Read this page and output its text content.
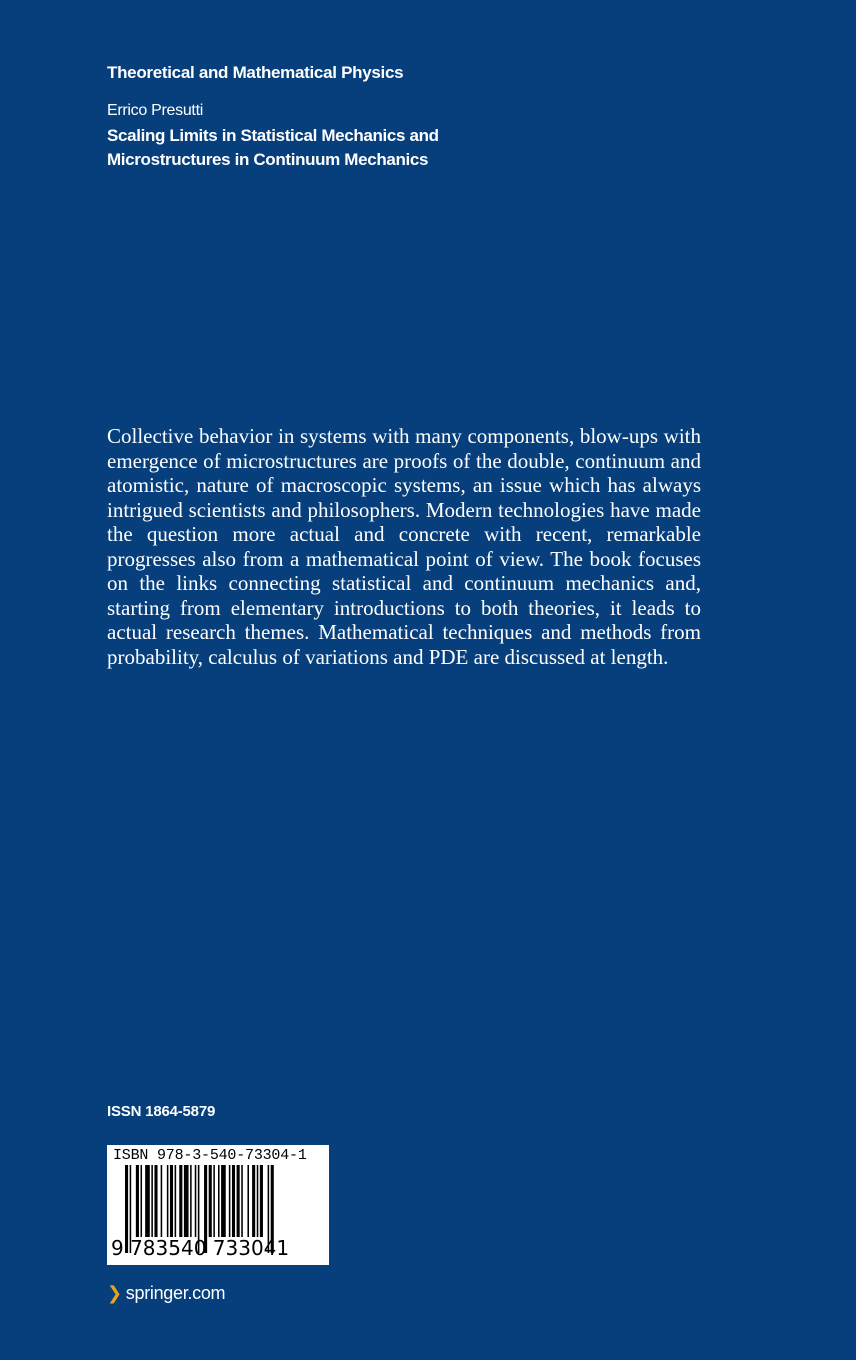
Theoretical and Mathematical Physics

Errico Presutti

Scaling Limits in Statistical Mechanics and
Microstructures in Continuum Mechanics

Collective behavior in systems with many components, blow-ups with emergence of microstructures are proofs of the double, continuum and atomistic, nature of macroscopic systems, an issue which has always intrigued scientists and philosophers. Modern technologies have made the question more actual and concrete with recent, remarkable progresses also from a mathematical point of view. The book focuses on the links connecting statistical and continuum mechanics and, starting from elementary introductions to both theories, it leads to actual research themes. Mathematical techniques and methods from probability, calculus of variations and PDE are discussed at length.

ISSN 1864-5879

ISBN 978-3-540-73304-1
9 783540 733041
❯ springer.com
